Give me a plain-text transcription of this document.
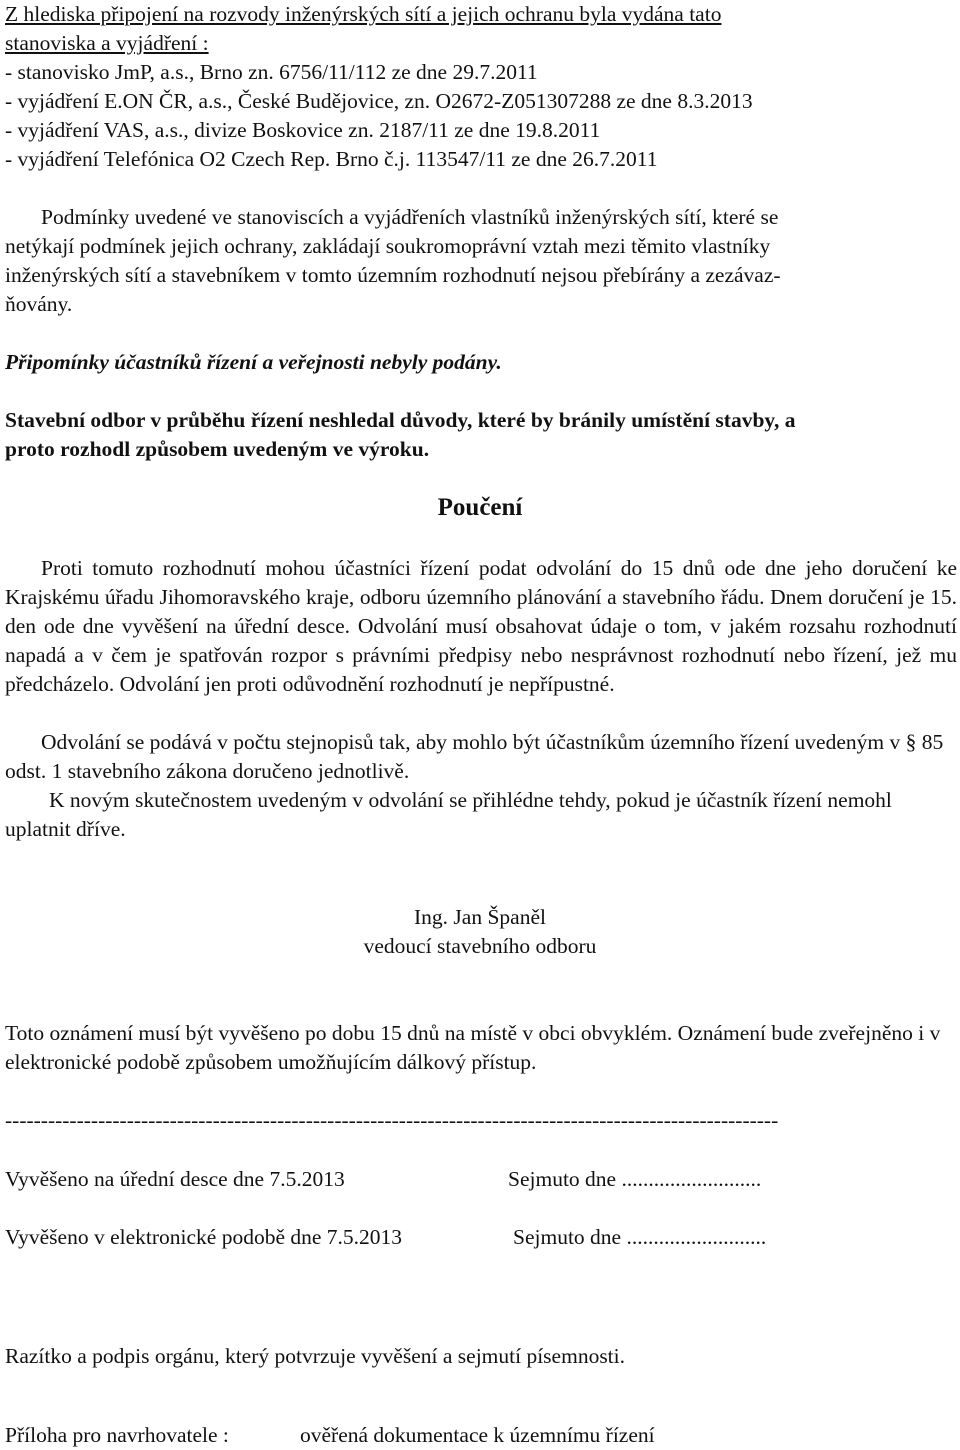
Z hlediska připojení na rozvody inženýrských sítí a jejich ochranu byla vydána tato
stanoviska a vyjádření :
- stanovisko JmP, a.s., Brno zn. 6756/11/112 ze dne 29.7.2011
- vyjádření E.ON ČR, a.s., České Budějovice, zn. O2672-Z051307288 ze dne 8.3.2013
- vyjádření VAS, a.s., divize Boskovice zn. 2187/11 ze dne 19.8.2011
- vyjádření Telefónica O2 Czech Rep. Brno č.j. 113547/11 ze dne 26.7.2011
Podmínky uvedené ve stanoviscích a vyjádřeních vlastníků inženýrských sítí, které se
netýkají podmínek jejich ochrany, zakládají soukromoprávní vztah mezi těmito vlastníky
inženýrských sítí a stavebníkem v tomto územním rozhodnutí nejsou přebírány a zezávaz-
ňovány.
Připomínky účastníků řízení a veřejnosti nebyly podány.
Stavební odbor v průběhu řízení neshledal důvody, které by bránily umístění stavby, a
proto rozhodl způsobem uvedeným ve výroku.
Poučení

Proti tomuto rozhodnutí mohou účastníci řízení podat odvolání do 15 dnů ode dne jeho doručení ke Krajskému úřadu Jihomoravského kraje, odboru územního plánování a stavebního řádu. Dnem doručení je 15. den ode dne vyvěšení na úřední desce. Odvolání musí obsahovat údaje o tom, v jakém rozsahu rozhodnutí napadá a v čem je spatřován rozpor s právními předpisy nebo nesprávnost rozhodnutí nebo řízení, jež mu předcházelo. Odvolání jen proti odůvodnění rozhodnutí je nepřípustné.

Odvolání se podává v počtu stejnopisů tak, aby mohlo být účastníkům územního řízení uvedeným v § 85 odst. 1 stavebního zákona doručeno jednotlivě.

K novým skutečnostem uvedeným v odvolání se přihlédne tehdy, pokud je účastník řízení nemohl uplatnit dříve.

Ing. Jan Španěl
vedoucí stavebního odboru

Toto oznámení musí být vyvěšeno po dobu 15 dnů na místě v obci obvyklém. Oznámení bude zveřejněno i v elektronické podobě způsobem umožňujícím dálkový přístup.

------------------------------------------------------------------------------------------------------------
Vyvěšeno na úřední desce dne 7.5.2013	Sejmuto dne ..........................
Vyvěšeno v elektronické podobě dne 7.5.2013	Sejmuto dne ..........................
Razítko a podpis orgánu, který potvrzuje vyvěšení a sejmutí písemnosti.
Příloha pro navrhovatele :	ověřená dokumentace k územnímu řízení
